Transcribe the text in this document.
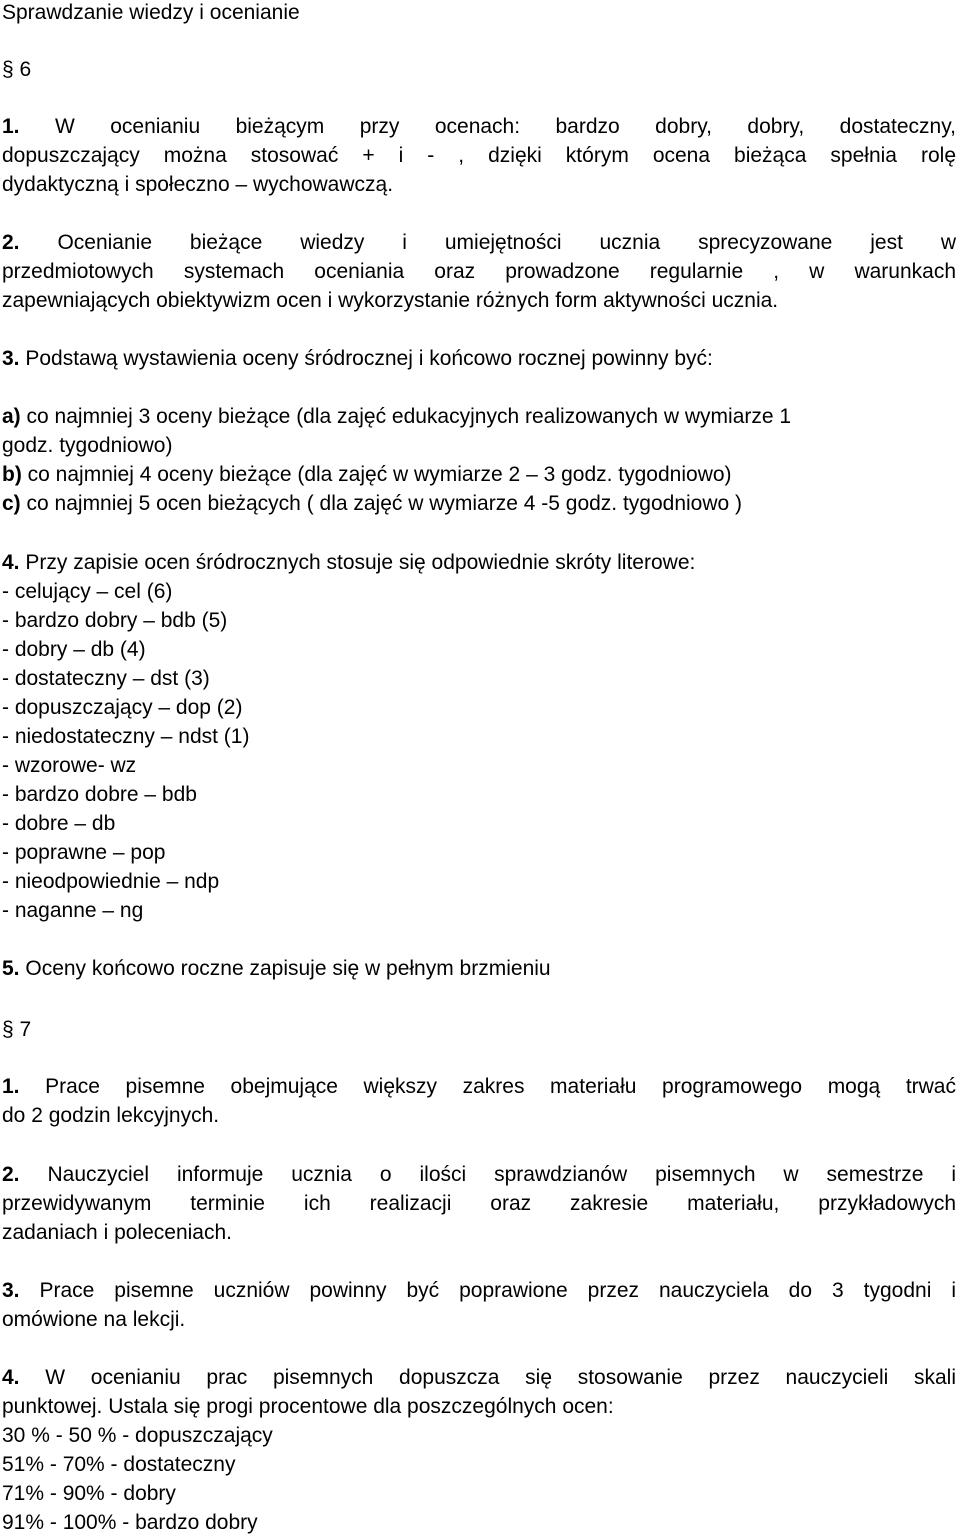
Sprawdzanie wiedzy i ocenianie
§ 6
1. W ocenianiu bieżącym przy ocenach: bardzo dobry, dobry, dostateczny,
dopuszczający można stosować + i - , dzięki którym ocena bieżąca spełnia rolę
dydaktyczną i społeczno – wychowawczą.
2. Ocenianie bieżące wiedzy i umiejętności ucznia sprecyzowane jest w
przedmiotowych systemach oceniania oraz prowadzone regularnie , w warunkach
zapewniających obiektywizm ocen i wykorzystanie różnych form aktywności ucznia.
3. Podstawą wystawienia oceny śródrocznej i końcowo rocznej powinny być:
a) co najmniej 3 oceny bieżące (dla zajęć edukacyjnych realizowanych w wymiarze 1
godz. tygodniowo)
b) co najmniej 4 oceny bieżące (dla zajęć w wymiarze 2 – 3 godz. tygodniowo)
c) co najmniej 5 ocen bieżących ( dla zajęć w wymiarze 4 -5 godz. tygodniowo )
4. Przy zapisie ocen śródrocznych stosuje się odpowiednie skróty literowe:
- celujący – cel (6)
- bardzo dobry – bdb (5)
- dobry – db (4)
- dostateczny – dst (3)
- dopuszczający – dop (2)
- niedostateczny – ndst (1)
- wzorowe- wz
- bardzo dobre – bdb
- dobre – db
- poprawne – pop
- nieodpowiednie – ndp
- naganne – ng
5. Oceny końcowo roczne zapisuje się w pełnym brzmieniu
§ 7
1. Prace pisemne obejmujące większy zakres materiału programowego mogą trwać
do 2 godzin lekcyjnych.
2. Nauczyciel informuje ucznia o ilości sprawdzianów pisemnych w semestrze i
przewidywanym terminie ich realizacji oraz zakresie materiału, przykładowych
zadaniach i poleceniach.
3. Prace pisemne uczniów powinny być poprawione przez nauczyciela do 3 tygodni i
omówione na lekcji.
4. W ocenianiu prac pisemnych dopuszcza się stosowanie przez nauczycieli skali
punktowej. Ustala się progi procentowe dla poszczególnych ocen:
30 % - 50 % - dopuszczający
51% - 70% - dostateczny
71% - 90% - dobry
91% - 100% - bardzo dobry
